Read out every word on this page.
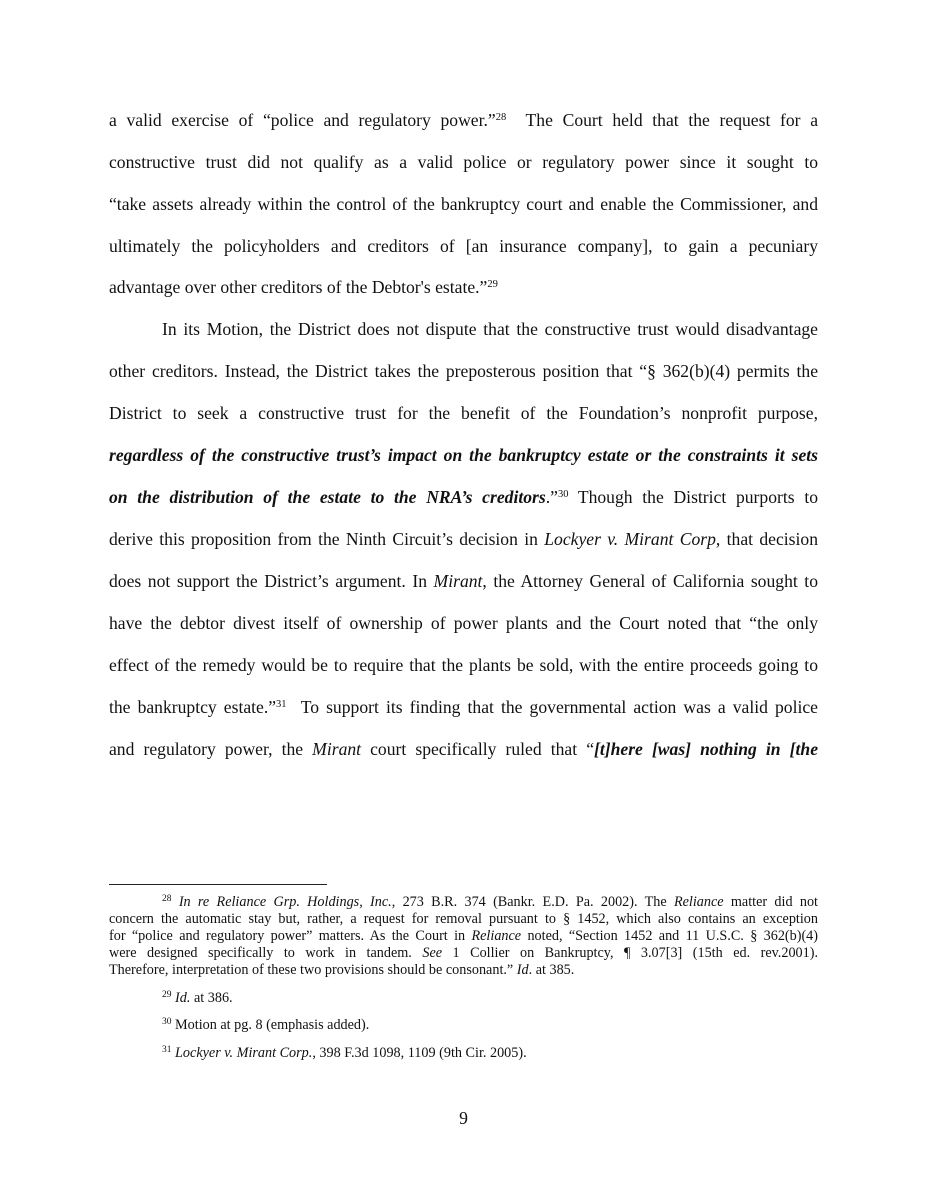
a valid exercise of “police and regulatory power.”$^{28}$  The Court held that the request for a
constructive trust did not qualify as a valid police or regulatory power since it sought to
“take assets already within the control of the bankruptcy court and enable the Commissioner, and
ultimately the policyholders and creditors of [an insurance company], to gain a pecuniary
advantage over other creditors of the Debtor's estate.”$^{29}$
In its Motion, the District does not dispute that the constructive trust would disadvantage
other creditors. Instead, the District takes the preposterous position that “§ 362(b)(4) permits the
District to seek a constructive trust for the benefit of the Foundation’s nonprofit purpose,
regardless of the constructive trust’s impact on the bankruptcy estate or the constraints it sets
on the distribution of the estate to the NRA’s creditors.”$^{30}$ Though the District purports to
derive this proposition from the Ninth Circuit’s decision in Lockyer v. Mirant Corp, that decision
does not support the District’s argument. In Mirant, the Attorney General of California sought to
have the debtor divest itself of ownership of power plants and the Court noted that “the only
effect of the remedy would be to require that the plants be sold, with the entire proceeds going to
the bankruptcy estate.”$^{31}$  To support its finding that the governmental action was a valid police
and regulatory power, the Mirant court specifically ruled that “[t]here [was] nothing in [the
$^{28}$ In re Reliance Grp. Holdings, Inc., 273 B.R. 374 (Bankr. E.D. Pa. 2002). The Reliance matter did not
concern the automatic stay but, rather, a request for removal pursuant to § 1452, which also contains an exception
for “police and regulatory power” matters. As the Court in Reliance noted, “Section 1452 and 11 U.S.C. § 362(b)(4)
were designed specifically to work in tandem. See 1 Collier on Bankruptcy, ¶ 3.07[3] (15th ed. rev.2001).
Therefore, interpretation of these two provisions should be consonant.” Id. at 385.
$^{29}$ Id. at 386.
$^{30}$ Motion at pg. 8 (emphasis added).
$^{31}$ Lockyer v. Mirant Corp., 398 F.3d 1098, 1109 (9th Cir. 2005).
9
